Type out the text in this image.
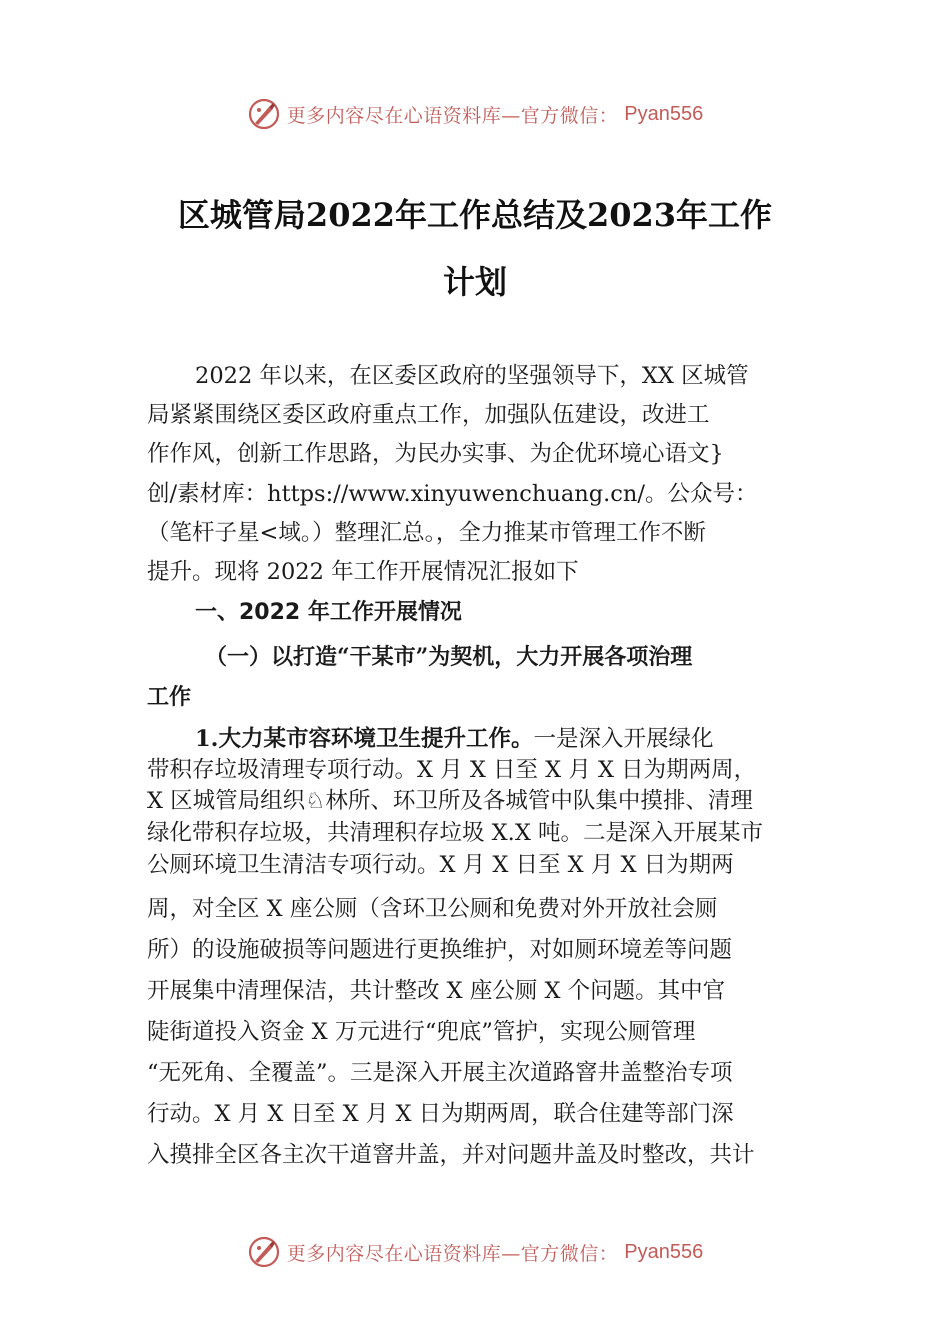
更多内容尽在心语资料库—官方微信： Pyan556
区城管局2022年工作总结及2023年工作
计划
2022 年以来，在区委区政府的坚强领导下，XX 区城管
局紧紧围绕区委区政府重点工作，加强队伍建设，改进工
作作风，创新工作思路，为民办实事、为企优环境心语文}
创/素材库：https://www.xinyuwenchuang.cn/。公众号：
（笔杆子星<域。）整理汇总。，全力推某市管理工作不断
提升。现将 2022 年工作开展情况汇报如下
一、2022 年工作开展情况
（一）以打造“干某市”为契机，大力开展各项治理
工作
1.大力某市容环境卫生提升工作。一是深入开展绿化
带积存垃圾清理专项行动。X 月 X 日至 X 月 X 日为期两周，
X 区城管局组织♘林所、环卫所及各城管中队集中摸排、清理
绿化带积存垃圾，共清理积存垃圾 X.X 吨。二是深入开展某市
公厕环境卫生清洁专项行动。X 月 X 日至 X 月 X 日为期两
周，对全区 X 座公厕（含环卫公厕和免费对外开放社会厕
所）的设施破损等问题进行更换维护，对如厕环境差等问题
开展集中清理保洁，共计整改 X 座公厕 X 个问题。其中官
陡街道投入资金 X 万元进行“兜底”管护，实现公厕管理
“无死角、全覆盖”。三是深入开展主次道路窨井盖整治专项
行动。X 月 X 日至 X 月 X 日为期两周，联合住建等部门深
入摸排全区各主次干道窨井盖，并对问题井盖及时整改，共计
更多内容尽在心语资料库—官方微信： Pyan556
